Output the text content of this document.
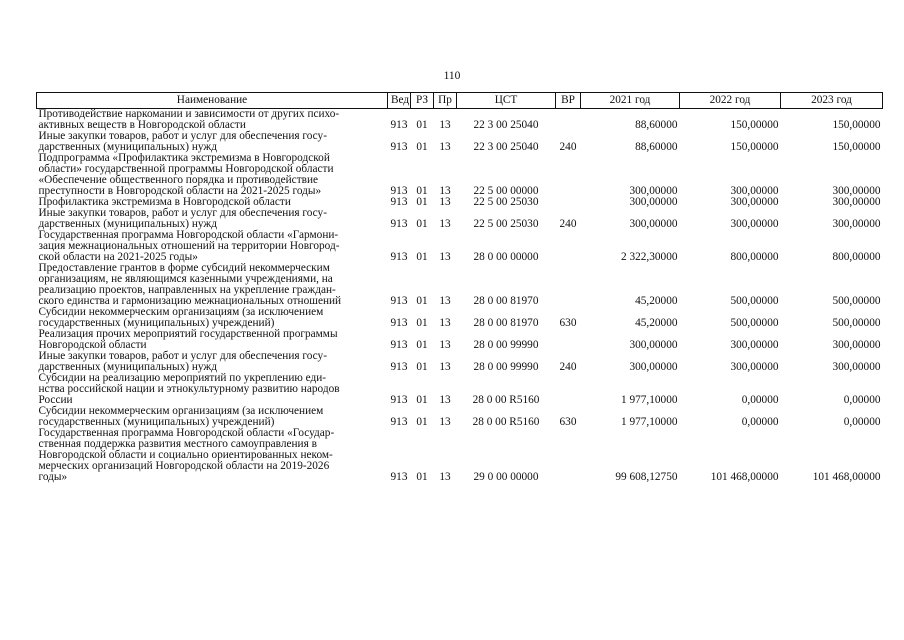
110
Наименование	Вед	РЗ	Пр	ЦСТ	ВР	2021 год	2022 год	2023 год
Противодействие наркомании и зависимости от других психо-
активных веществ в Новгородской области	913	01	13	22 3 00 25040		88,60000	150,00000	150,00000
Иные закупки товаров, работ и услуг для обеспечения госу-
дарственных (муниципальных) нужд	913	01	13	22 3 00 25040	240	88,60000	150,00000	150,00000
Подпрограмма «Профилактика экстремизма в Новгородской
области» государственной программы Новгородской области
«Обеспечение общественного порядка и противодействие
преступности в Новгородской области на 2021-2025 годы»	913	01	13	22 5 00 00000		300,00000	300,00000	300,00000
Профилактика экстремизма в Новгородской области	913	01	13	22 5 00 25030		300,00000	300,00000	300,00000
Иные закупки товаров, работ и услуг для обеспечения госу-
дарственных (муниципальных) нужд	913	01	13	22 5 00 25030	240	300,00000	300,00000	300,00000
Государственная программа Новгородской области «Гармони-
зация межнациональных отношений на территории Новгород-
ской области на 2021-2025 годы»	913	01	13	28 0 00 00000		2 322,30000	800,00000	800,00000
Предоставление грантов в форме субсидий некоммерческим
организациям, не являющимся казенными учреждениями, на
реализацию проектов, направленных на укрепление граждан-
ского единства и гармонизацию межнациональных отношений	913	01	13	28 0 00 81970		45,20000	500,00000	500,00000
Субсидии некоммерческим организациям (за исключением
государственных (муниципальных) учреждений)	913	01	13	28 0 00 81970	630	45,20000	500,00000	500,00000
Реализация прочих мероприятий государственной программы
Новгородской области	913	01	13	28 0 00 99990		300,00000	300,00000	300,00000
Иные закупки товаров, работ и услуг для обеспечения госу-
дарственных (муниципальных) нужд	913	01	13	28 0 00 99990	240	300,00000	300,00000	300,00000
Субсидии на реализацию мероприятий по укреплению еди-
нства российской нации и этнокультурному развитию народов
России	913	01	13	28 0 00 R5160		1 977,10000	0,00000	0,00000
Субсидии некоммерческим организациям (за исключением
государственных (муниципальных) учреждений)	913	01	13	28 0 00 R5160	630	1 977,10000	0,00000	0,00000
Государственная программа Новгородской области «Государ-
ственная поддержка развития местного самоуправления в
Новгородской области и социально ориентированных неком-
мерческих организаций Новгородской области на 2019-2026
годы»	913	01	13	29 0 00 00000		99 608,12750	101 468,00000	101 468,00000
